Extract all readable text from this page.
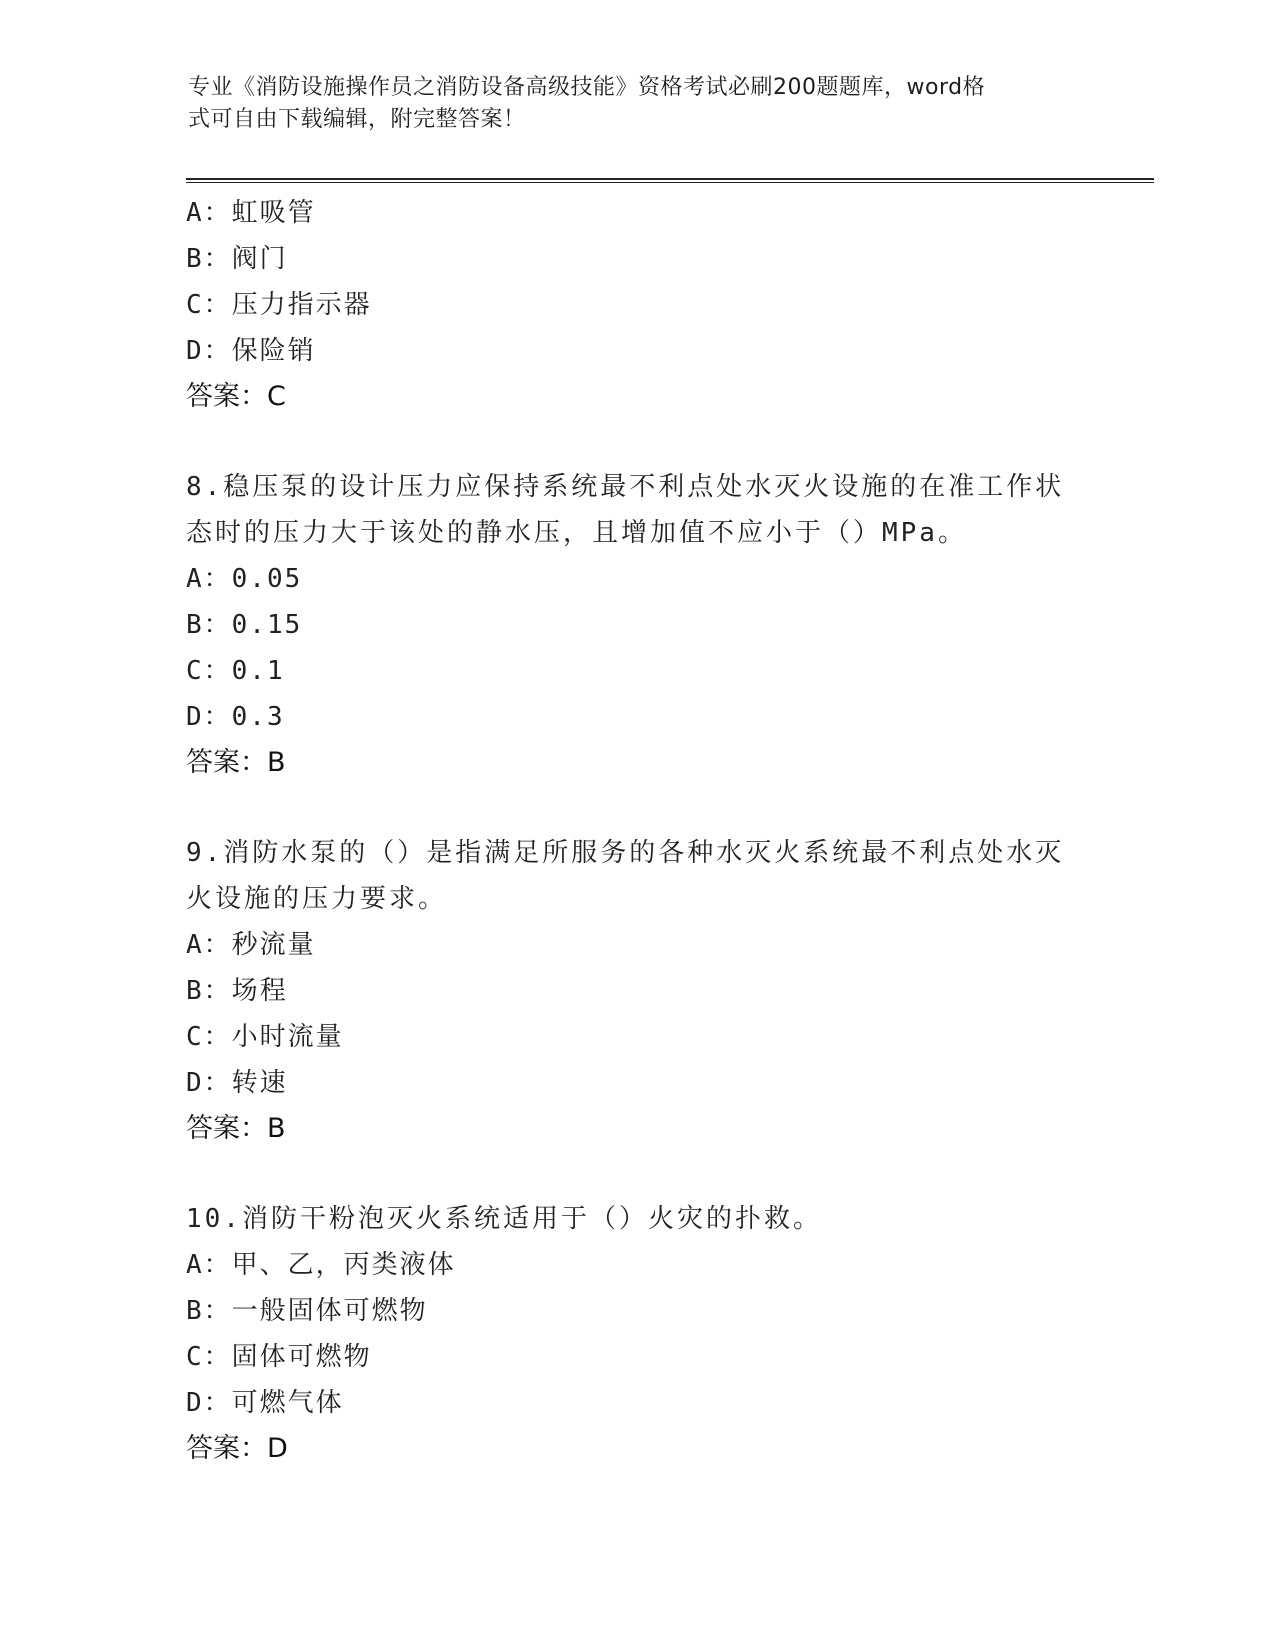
专业《消防设施操作员之消防设备高级技能》资格考试必刷200题题库，word格
式可自由下载编辑，附完整答案！
A：虹吸管
B：阀门
C：压力指示器
D：保险销
答案：C
8.稳压泵的设计压力应保持系统最不利点处水灭火设施的在准工作状
态时的压力大于该处的静水压，且增加值不应小于（）MPa。
A：0.05
B：0.15
C：0.1
D：0.3
答案：B
9.消防水泵的（）是指满足所服务的各种水灭火系统最不利点处水灭
火设施的压力要求。
A：秒流量
B：场程
C：小时流量
D：转速
答案：B
10.消防干粉泡灭火系统适用于（）火灾的扑救。
A：甲、乙，丙类液体
B：一般固体可燃物
C：固体可燃物
D：可燃气体
答案：D
